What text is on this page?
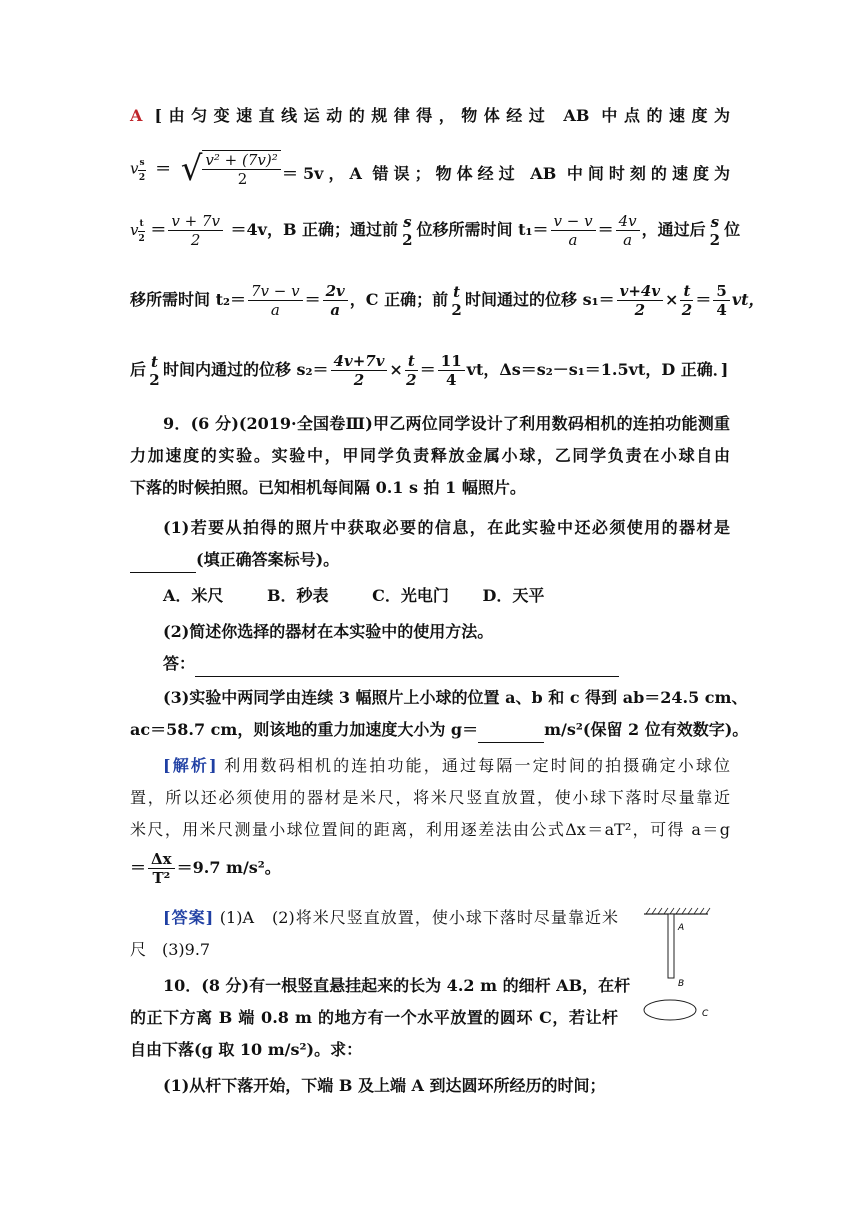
A [由匀变速直线运动的规律得，物体经过 AB 中点的速度为
v $\frac{s}{2}$ ＝ √ $\frac{\text{v² + (7v)²}}{2} =5v$，A 错误；物体经过 AB 中间时刻的速度为
v $\frac{t}{2} = \frac{v + 7v}{2} =4v$，B 正确；通过前 s
2
位移所需时间 $t_1= \frac{v - v}{a} = \frac{4v}{a}$ ，通过后 s
2
位
移所需时间 $t_2= \frac{7v - v}{a} = \frac{2v}{a}$ ，C 正确；前 t
2
时间通过的位移 $s_1= \frac{v+4v}{2} \times \frac{t}{2} = \frac{5}{4}$ vt，
后 t
2
时间内通过的位移 $s_2= \frac{4v+7v}{2} \times \frac{t}{2} = \frac{11}{4}$ vt，Δs＝s₂－s₁＝1.5vt，D 正确．]
9．(6 分)(2019·全国卷Ⅲ)甲乙两位同学设计了利用数码相机的连拍功能测重
力加速度的实验。实验中，甲同学负责释放金属小球，乙同学负责在小球自由
下落的时候拍照。已知相机每间隔 0.1 s 拍 1 幅照片。
(1)若要从拍得的照片中获取必要的信息，在此实验中还必须使用的器材是
(填正确答案标号)。
A．米尺	B．秒表	C．光电门 D．天平
(2)简述你选择的器材在本实验中的使用方法。
答：
(3)实验中两同学由连续 3 幅照片上小球的位置 a、b 和 c 得到 ab＝24.5 cm、
ac＝58.7 cm，则该地的重力加速度大小为 g＝	m/s²(保留 2 位有效数字)。
[解析] 利用数码相机的连拍功能，通过每隔一定时间的拍摄确定小球位
置，所以还必须使用的器材是米尺，将米尺竖直放置，使小球下落时尽量靠近
米尺，用米尺测量小球位置间的距离，利用逐差法由公式Δx＝aT²，可得 a＝g
＝ $\frac{\Delta x}{\text{T²}} =9.7$ m/s²。
[答案] (1)A　(2)将米尺竖直放置，使小球下落时尽量靠近米
尺　(3)9.7
10．(8 分)有一根竖直悬挂起来的长为 4.2 m 的细杆 AB，在杆
的正下方离 B 端 0.8 m 的地方有一个水平放置的圆环 C，若让杆
自由下落(g 取 10 m/s²)。求：
(1)从杆下落开始，下端 B 及上端 A 到达圆环所经历的时间；
A
B
C
